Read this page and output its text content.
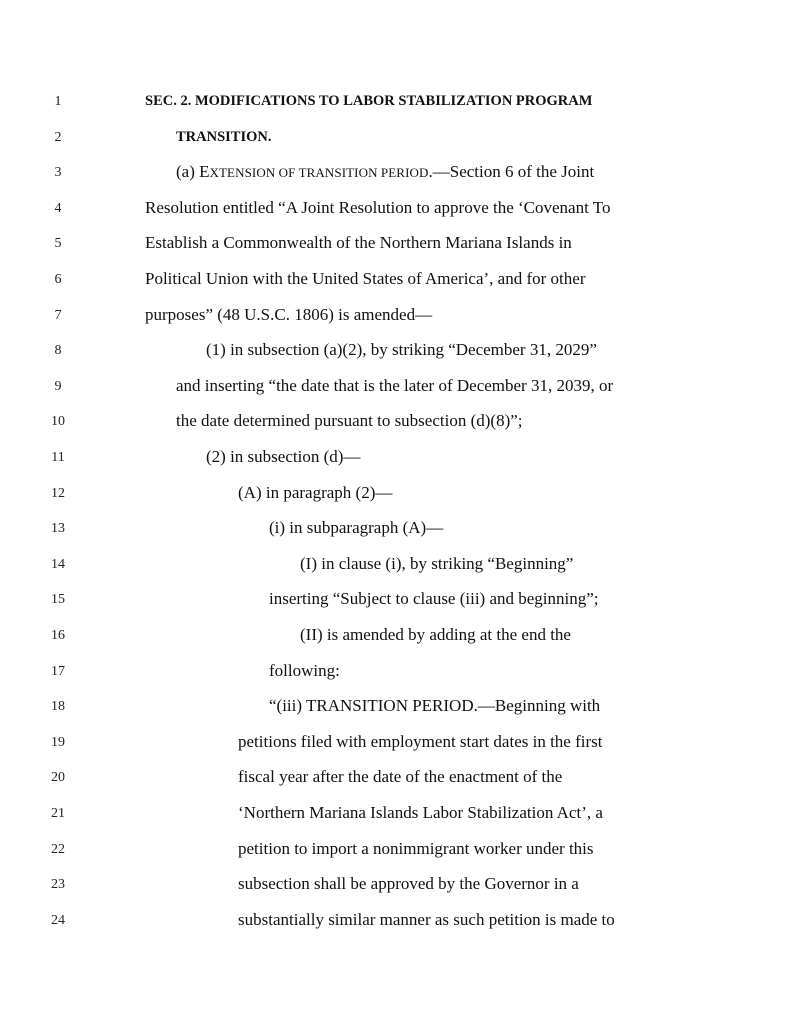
1	SEC. 2. MODIFICATIONS TO LABOR STABILIZATION PROGRAM
2	TRANSITION.
3	(a) EXTENSION OF TRANSITION PERIOD.—Section 6 of the Joint
4	Resolution entitled “A Joint Resolution to approve the ‘Covenant To
5	Establish a Commonwealth of the Northern Mariana Islands in
6	Political Union with the United States of America’, and for other
7	purposes” (48 U.S.C. 1806) is amended—
8	(1) in subsection (a)(2), by striking “December 31, 2029”
9	and inserting “the date that is the later of December 31, 2039, or
10	the date determined pursuant to subsection (d)(8)”;
11	(2) in subsection (d)—
12	(A) in paragraph (2)—
13	(i) in subparagraph (A)—
14	(I) in clause (i), by striking “Beginning”
15	inserting “Subject to clause (iii) and beginning”;
16	(II) is amended by adding at the end the
17	following:
18	“(iii) TRANSITION PERIOD.—Beginning with
19	petitions filed with employment start dates in the first
20	fiscal year after the date of the enactment of the
21	‘Northern Mariana Islands Labor Stabilization Act’, a
22	petition to import a nonimmigrant worker under this
23	subsection shall be approved by the Governor in a
24	substantially similar manner as such petition is made to
